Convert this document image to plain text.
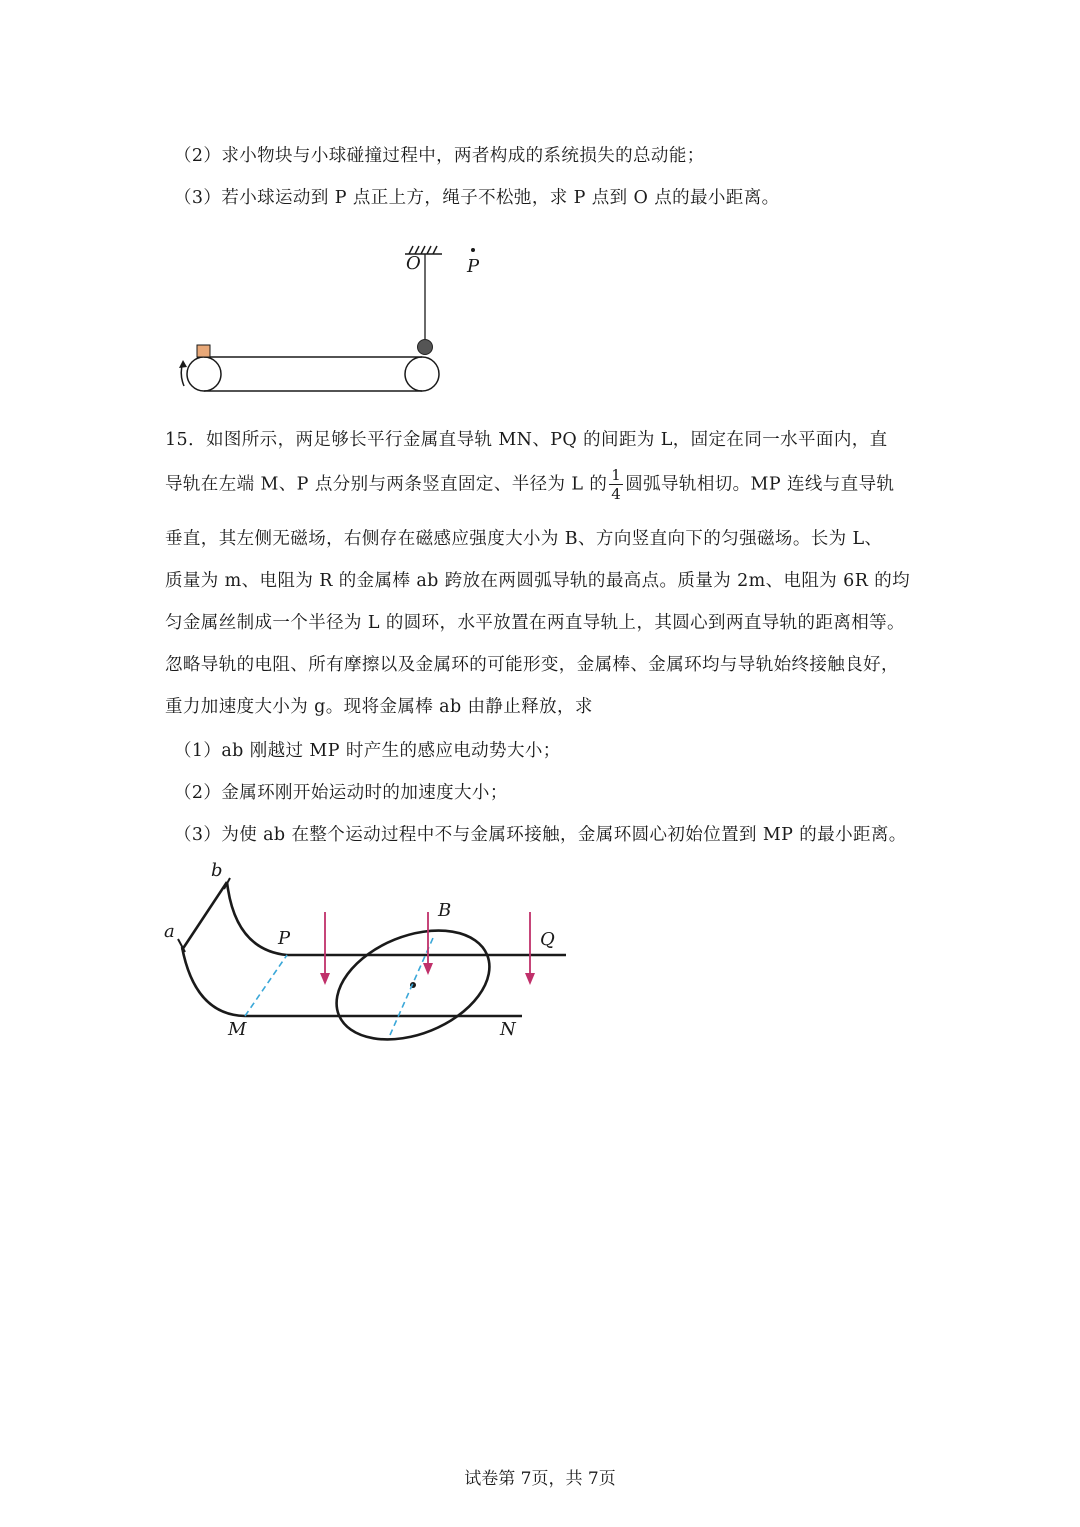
（2）求小物块与小球碰撞过程中，两者构成的系统损失的总动能；
（3）若小球运动到 P 点正上方，绳子不松弛，求 P 点到 O 点的最小距离。
O	P
15．如图所示，两足够长平行金属直导轨 MN、PQ 的间距为 L，固定在同一水平面内，直
导轨在左端 M、P 点分别与两条竖直固定、半径为 L 的 $\frac{1}{4}$ 圆弧导轨相切。MP 连线与直导轨
垂直，其左侧无磁场，右侧存在磁感应强度大小为 B、方向竖直向下的匀强磁场。长为 L、
质量为 m、电阻为 R 的金属棒 ab 跨放在两圆弧导轨的最高点。质量为 2m、电阻为 6R 的均
匀金属丝制成一个半径为 L 的圆环，水平放置在两直导轨上，其圆心到两直导轨的距离相等。
忽略导轨的电阻、所有摩擦以及金属环的可能形变，金属棒、金属环均与导轨始终接触良好，
重力加速度大小为 g。现将金属棒 ab 由静止释放，求
（1）ab 刚越过 MP 时产生的感应电动势大小；
（2）金属环刚开始运动时的加速度大小；
（3）为使 ab 在整个运动过程中不与金属环接触，金属环圆心初始位置到 MP 的最小距离。
a
b
P	Q
M	N
B
试卷第 7页，共 7页
